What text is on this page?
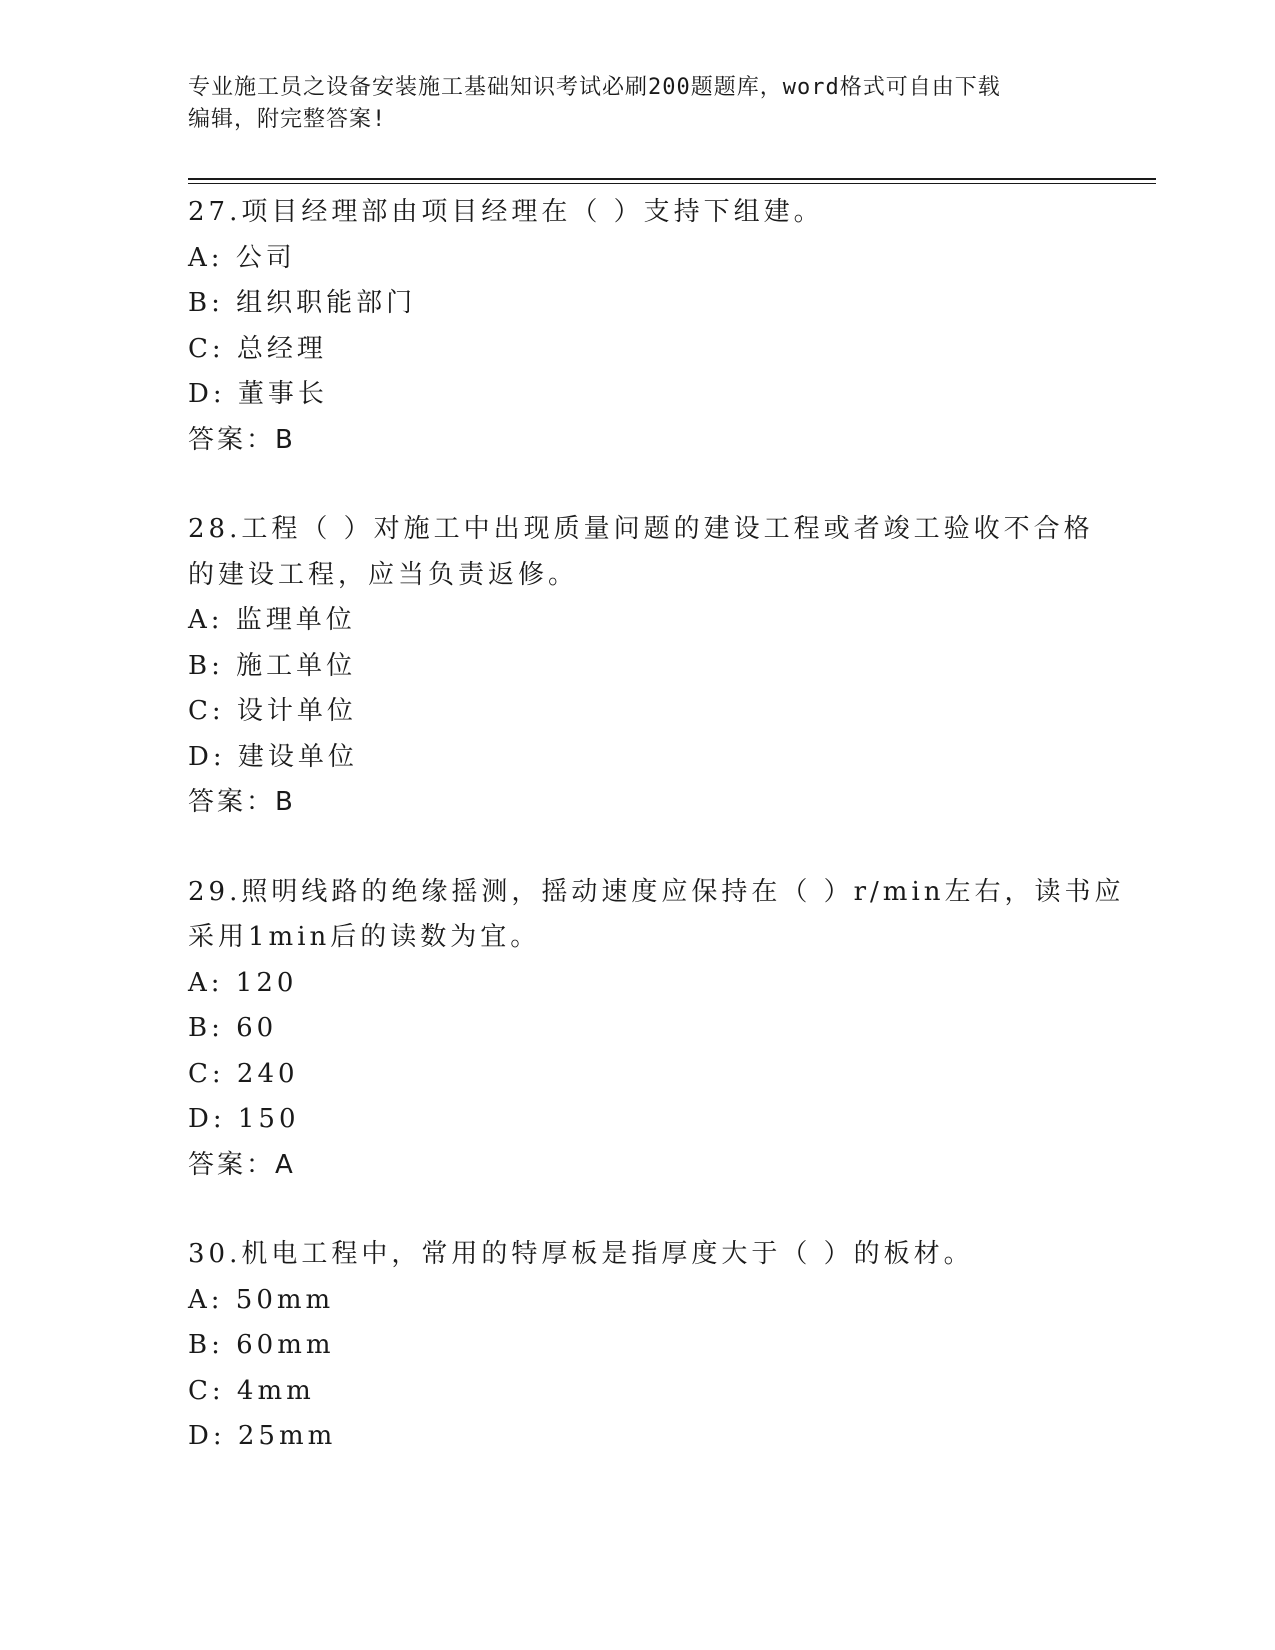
专业施工员之设备安装施工基础知识考试必刷200题题库，word格式可自由下载
编辑，附完整答案!
27.项目经理部由项目经理在（ ）支持下组建。
A: 公司
B: 组织职能部门
C: 总经理
D: 董事长
答案：B
28.工程（ ）对施工中出现质量问题的建设工程或者竣工验收不合格
的建设工程，应当负责返修。
A: 监理单位
B: 施工单位
C: 设计单位
D: 建设单位
答案：B
29.照明线路的绝缘摇测，摇动速度应保持在（ ）r/min左右，读书应
采用1min后的读数为宜。
A: 120
B: 60
C: 240
D: 150
答案：A
30.机电工程中，常用的特厚板是指厚度大于（ ）的板材。
A: 50mm
B: 60mm
C: 4mm
D: 25mm
